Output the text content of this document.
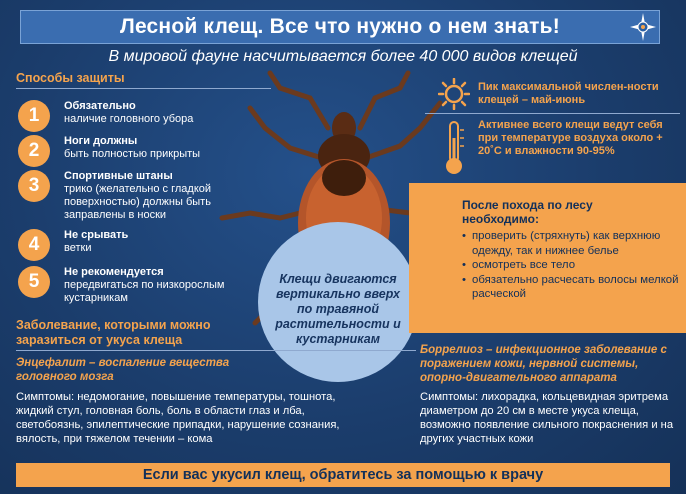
Лесной клещ. Все что нужно о нем знать!
В мировой фауне насчитывается более 40 000 видов клещей
Клещи двигаются вертикально вверх по травяной растительности и кустарникам
Способы защиты
1	Обязательно
наличие головного убора
2	Ноги должны
быть полностью прикрыты
3	Спортивные штаны
трико (желательно с гладкой поверхностью) должны быть заправлены в носки
4	Не срывать
ветки
5	Не рекомендуется
передвигаться по низкорослым кустарникам
Пик максимальной числен-ности клещей – май-июнь
Активнее всего клещи ведут себя при температуре воздуха около + 20˚С и влажности 90-95%
После похода по лесу необходимо:
• проверить (стряхнуть) как верхнюю одежду, так и нижнее белье
• осмотреть все тело
• обязательно расчесать волосы мелкой расческой
Заболевание, которыми можно заразиться от укуса клеща
Энцефалит – воспаление вещества головного мозга
Симптомы: недомогание, повышение температуры, тошнота, жидкий стул, головная боль, боль в области глаз и лба, светобоязнь, эпилептические припадки, нарушение сознания, вялость, при тяжелом течении – кома
Боррелиоз – инфекционное заболевание с поражением кожи, нервной системы, опорно-двигательного аппарата
Симптомы: лихорадка, кольцевидная эритрема диаметром до 20 см в месте укуса клеща, возможно появление сильного покраснения и на других участных кожи
Если вас укусил клещ, обратитесь за помощью к врачу
